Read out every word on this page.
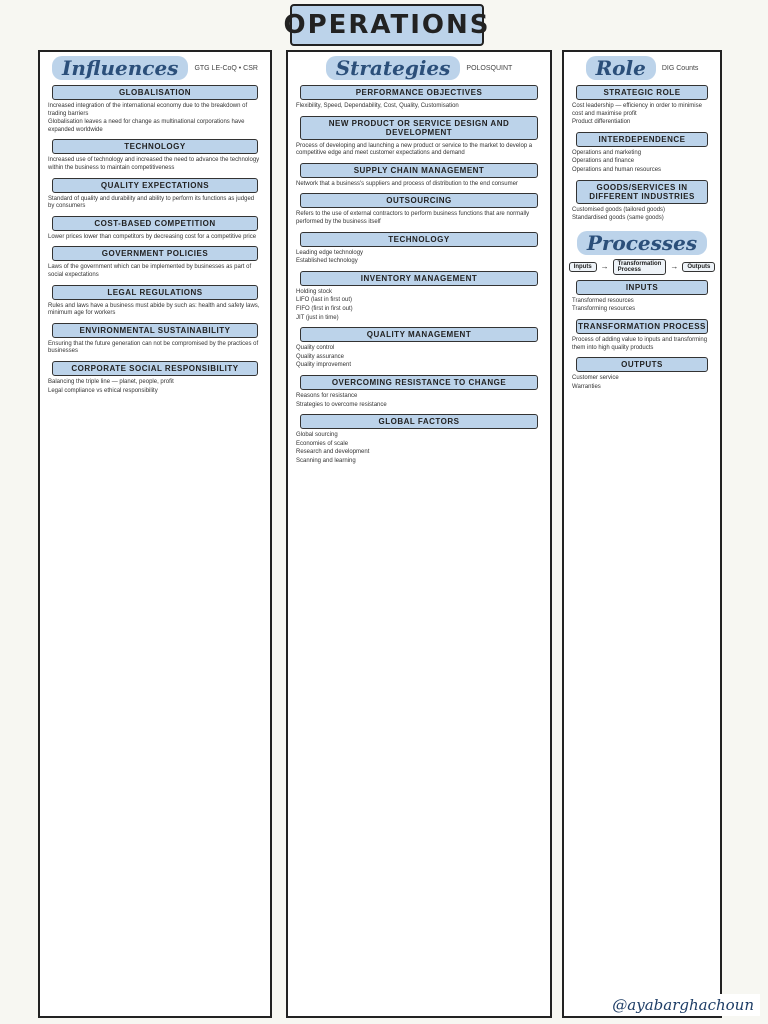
OPERATIONS
Influences	GTG LE-CoQ • CSR
GLOBALISATION
Increased integration of the international economy due to the breakdown of trading barriers
Globalisation leaves a need for change as multinational corporations have expanded worldwide
TECHNOLOGY
Increased use of technology and increased the need to advance the technology within the business to maintain competitiveness
QUALITY EXPECTATIONS
Standard of quality and durability and ability to perform its functions as judged by consumers
COST-BASED COMPETITION
Lower prices lower than competitors by decreasing cost for a competitive price
GOVERNMENT POLICIES
Laws of the government which can be implemented by businesses as part of social expectations
LEGAL REGULATIONS
Rules and laws have a business must abide by such as: health and safety laws, minimum age for workers
ENVIRONMENTAL SUSTAINABILITY
Ensuring that the future generation can not be compromised by the practices of businesses
CORPORATE SOCIAL RESPONSIBILITY
Balancing the triple line — planet, people, profit
Legal compliance vs ethical responsibility
Strategies	POLOSQUINT
PERFORMANCE OBJECTIVES
Flexibility, Speed, Dependability, Cost, Quality, Customisation
NEW PRODUCT OR SERVICE DESIGN AND DEVELOPMENT
Process of developing and launching a new product or service to the market to develop a competitive edge and meet customer expectations and demand
SUPPLY CHAIN MANAGEMENT
Network that a business's suppliers and process of distribution to the end consumer
OUTSOURCING
Refers to the use of external contractors to perform business functions that are normally performed by the business itself
TECHNOLOGY
Leading edge technology
Established technology
INVENTORY MANAGEMENT
Holding stock
LIFO (last in first out)
FIFO (first in first out)
JIT (just in time)
QUALITY MANAGEMENT
Quality control
Quality assurance
Quality improvement
OVERCOMING RESISTANCE TO CHANGE
Reasons for resistance
Strategies to overcome resistance
GLOBAL FACTORS
Global sourcing
Economies of scale
Research and development
Scanning and learning
Role	DIG Counts
STRATEGIC ROLE
Cost leadership — efficiency in order to minimise cost and maximise profit
Product differentiation
INTERDEPENDENCE
Operations and marketing
Operations and finance
Operations and human resources
GOODS/SERVICES IN DIFFERENT INDUSTRIES
Customised goods (tailored goods)
Standardised goods (same goods)
Processes
Inputs	→	Transformation Process	→	Outputs
INPUTS
Transformed resources
Transforming resources
TRANSFORMATION PROCESS
Process of adding value to inputs and transforming them into high quality products
OUTPUTS
Customer service
Warranties
@ayabarghachoun
